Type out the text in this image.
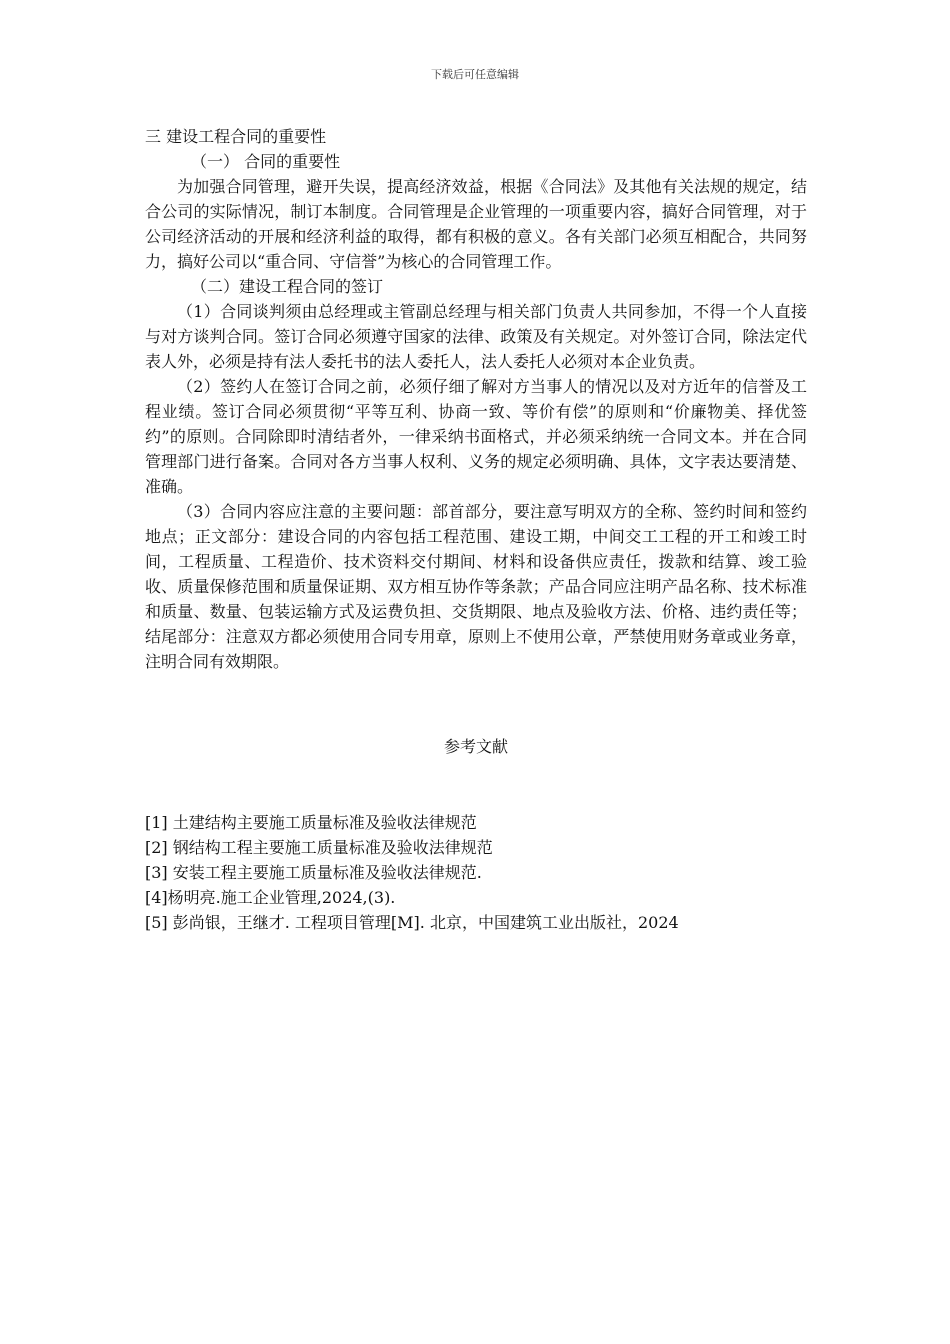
下载后可任意编辑

三 建设工程合同的重要性

（一） 合同的重要性

为加强合同管理，避开失误，提高经济效益，根据《合同法》及其他有关法规的规定，结合公司的实际情况，制订本制度。合同管理是企业管理的一项重要内容，搞好合同管理，对于公司经济活动的开展和经济利益的取得，都有积极的意义。各有关部门必须互相配合，共同努力，搞好公司以“重合同、守信誉”为核心的合同管理工作。

（二）建设工程合同的签订

（1）合同谈判须由总经理或主管副总经理与相关部门负责人共同参加，不得一个人直接与对方谈判合同。签订合同必须遵守国家的法律、政策及有关规定。对外签订合同，除法定代表人外，必须是持有法人委托书的法人委托人，法人委托人必须对本企业负责。

（2）签约人在签订合同之前，必须仔细了解对方当事人的情况以及对方近年的信誉及工程业绩。签订合同必须贯彻“平等互利、协商一致、等价有偿”的原则和“价廉物美、择优签约”的原则。合同除即时清结者外，一律采纳书面格式，并必须采纳统一合同文本。并在合同管理部门进行备案。合同对各方当事人权利、义务的规定必须明确、具体，文字表达要清楚、准确。

（3）合同内容应注意的主要问题：部首部分，要注意写明双方的全称、签约时间和签约地点；正文部分：建设合同的内容包括工程范围、建设工期，中间交工工程的开工和竣工时间，工程质量、工程造价、技术资料交付期间、材料和设备供应责任，拨款和结算、竣工验收、质量保修范围和质量保证期、双方相互协作等条款；产品合同应注明产品名称、技术标准和质量、数量、包装运输方式及运费负担、交货期限、地点及验收方法、价格、违约责任等；结尾部分：注意双方都必须使用合同专用章，原则上不使用公章，严禁使用财务章或业务章，注明合同有效期限。

参考文献

[1] 土建结构主要施工质量标准及验收法律规范

[2] 钢结构工程主要施工质量标准及验收法律规范

[3] 安装工程主要施工质量标准及验收法律规范.

[4]杨明亮.施工企业管理,2024,(3).

[5] 彭尚银，王继才. 工程项目管理[M]. 北京，中国建筑工业出版社，2024
